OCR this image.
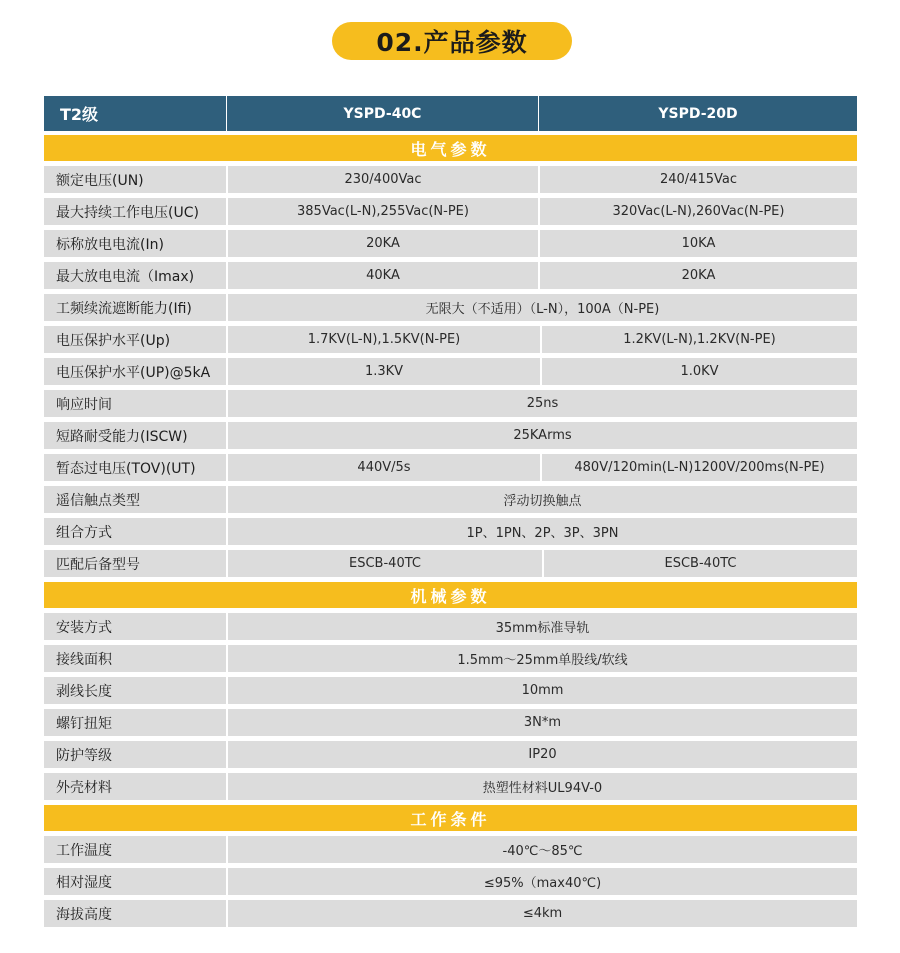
02.产品参数
T2级	YSPD-40C	YSPD-20D
电气参数
额定电压(UN)	230/400Vac	240/415Vac
最大持续工作电压(UC)	385Vac(L-N),255Vac(N-PE)	320Vac(L-N),260Vac(N-PE)
标称放电电流(In)	20KA	10KA
最大放电电流（Imax)	40KA	20KA
工频续流遮断能力(Ifi)	无限大（不适用）（L-N），100A（N-PE)
电压保护水平(Up)	1.7KV(L-N),1.5KV(N-PE)	1.2KV(L-N),1.2KV(N-PE)
电压保护水平(UP)@5kA	1.3KV	1.0KV
响应时间	25ns
短路耐受能力(ISCW)	25KArms
暂态过电压(TOV)(UT)	440V/5s	480V/120min(L-N)1200V/200ms(N-PE)
遥信触点类型	浮动切换触点
组合方式	1P、1PN、2P、3P、3PN
匹配后备型号	ESCB-40TC	ESCB-40TC
机械参数
安装方式	35mm标准导轨
接线面积	1.5mm～25mm单股线/软线
剥线长度	10mm
螺钉扭矩	3N*m
防护等级	IP20
外壳材料	热塑性材料UL94V-0
工作条件
工作温度	-40℃～85℃
相对湿度	≤95%（max40℃)
海拔高度	≤4km
